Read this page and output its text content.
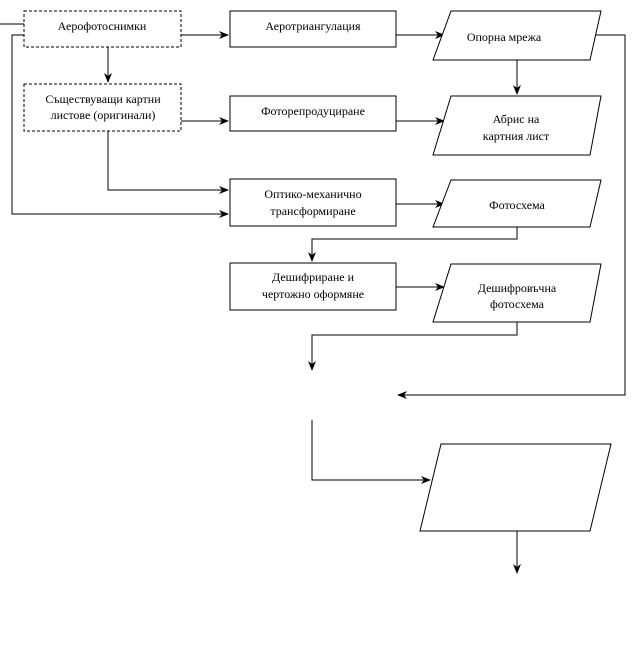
Аерофотоснимки
Съществуващи картни
листове (оригинали)
Аеротриангулация
Фоторепродуциране
Оптико-механично
трансформиране
Дешифриране и
чертожно оформяне
Опорна мрежа
Абрис на
картния лист
Фотосхема
Дешифровъчна
фотосхема
